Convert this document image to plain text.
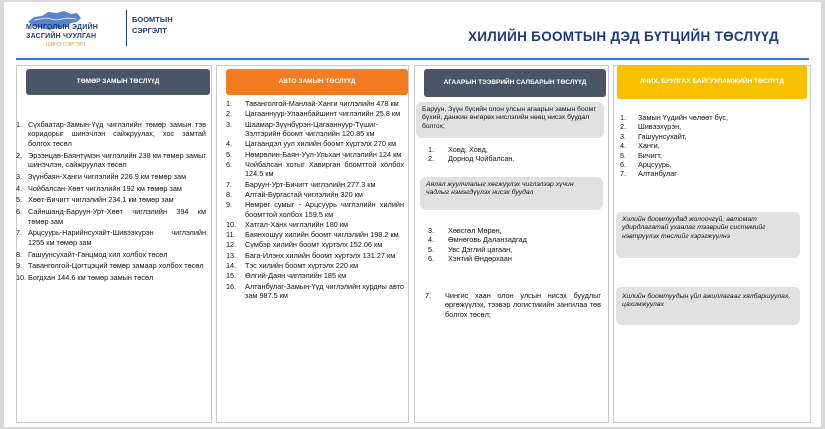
МОНГОЛЫН ЭДИЙН
ЗАСГИЙН ЧУУЛГАН
ШИНЭ СЭРГЭЛТ
БООМТЫН
СЭРГЭЛТ	ХИЛИЙН БООМТЫН ДЭД БҮТЦИЙН ТӨСЛҮҮД
ТӨМӨР ЗАМЫН ТӨСЛҮҮД
1. Сүхбаатар-Замын-Үүд чиглэлийн төмөр замын тэв коридорыг шинэчлэн сайжруулах, хос замтай болгох төсөл
2. Эрээнцав-Баянтүмэн чиглэлийн 238 км төмөр замыг шинэчлэн, сайжруулах төсөл
3. Зүүнбаян-Ханги чиглэлийн 226.9 км төмөр зам
4. Чойбалсан-Хөөт чиглэлийн 192 км төмөр зам
5. Хөөт-Бичигт чиглэлийн 234.1 км төмөр зам
6. Сайншанд-Баруун-Урт-Хөөт чиглэлийн 394 км төмөр зам
7. Арцсуурь-Нарийнсухайт-Шивээхүрэн чиглэлийн 1255 км төмөр зам
8. Гашуунсухайт-Ганцмод хил холбох төсөл
9. Таванголгой-Цогтцэций төмөр замаар холбох төсөл
10. Богдхан 144.6 км төмөр замын төсөл
АВТО ЗАМЫН ТӨСЛҮҮД
1.	Таванголгой-Манлай-Ханги чиглэлийн 478 км
2.	Цагааннуур-Улаанбайшинт чиглэлийн 25.8 км
3.	Шаамар-Зүүнбүрэн-Цагааннуур-Түшиг-Зэлтэрийн боомт чиглэлийн 120.85 км
4.	Цагаандэл уул хилийн боомт хүртэлх 270 км
5.	Нөмрөлин-Баян-Уул-Ульхан чиглэлийн 124 км
6.	Чойбалсан хотыг Хавирган боомттой холбох 124.5 км
7.	Баруун-Урт-Бичигт чиглэлийн 277.3 км
8.	Алтай-Бургастай чиглэлийн 320 км
9.	Нөмрөг сумыг - Арцсуурь чиглэлийн хилийн боомттой холбох 159.5 км
10.	Хатгал-Ханх чиглэлийн 180 км
11.	Баянхошуу хилийн боомт чиглэлийн 198.2 км
12.	Сүмбэр хилийн боомт хүртэлх 152.06 км
13.	Бага-Илэнх хилийн боомт хүртэлх 131.27 км
14.	Тэс хилийн боомт хүртэлх 220 км
15.	Өлгий-Даян чиглэлийн 185 км
16.	Алтанбулаг-Замын-Үүд чиглэлийн хурдны авто зам 987.5 км
АГААРЫН ТЭЭВРИЙН САЛБАРЫН ТӨСЛҮҮД
Баруун, Зүүн бүсийн олон улсын агаарын замын боомт бүхий, данжин өнгөрөх нислэгийн нөөц нисэх буудал болгох;
1.	Ховд, Ховд,
2.	Дорнод Чойбалсан.
Аялал жуулчлалыг хөгжүүлэх чиглэлээр хүчин чадлыг нэмэгдүүлэх нисэх буудал
3.	Хөвсгөл Мөрөн,
4.	Өмнөговь Даланзадгад
5.	Увс Дэглий цагаан,
6.	Хэнтий Өндөрхаан
7.	Чингис хаан олон улсын нисэх буудлыг өргөжүүлэх, тээвэр логистикийн зангилаа төв болгох төсөл;
АЧИХ, БУУЛГАХ БАЙГУУЛАМЖИЙН ТӨСЛҮҮД
1.	Замын Үүдийн чөлөөт бүс,
2.	Шивээхүрэн,
3.	Гашуунсухайт,
4.	Ханги,
5.	Бичигт,
6.	Арцсуурь,
7.	Алтанбулаг
Хилийн боомтуудад жолоочгүй, автомат удирдлагатай ухаалаг тээврийн системийг нэвтрүүлэх төслийг хэрэгжүүлнэ
Хилийн боомтуудын үйл ажиллагааг хялбаршуулах, цахимжуулах
